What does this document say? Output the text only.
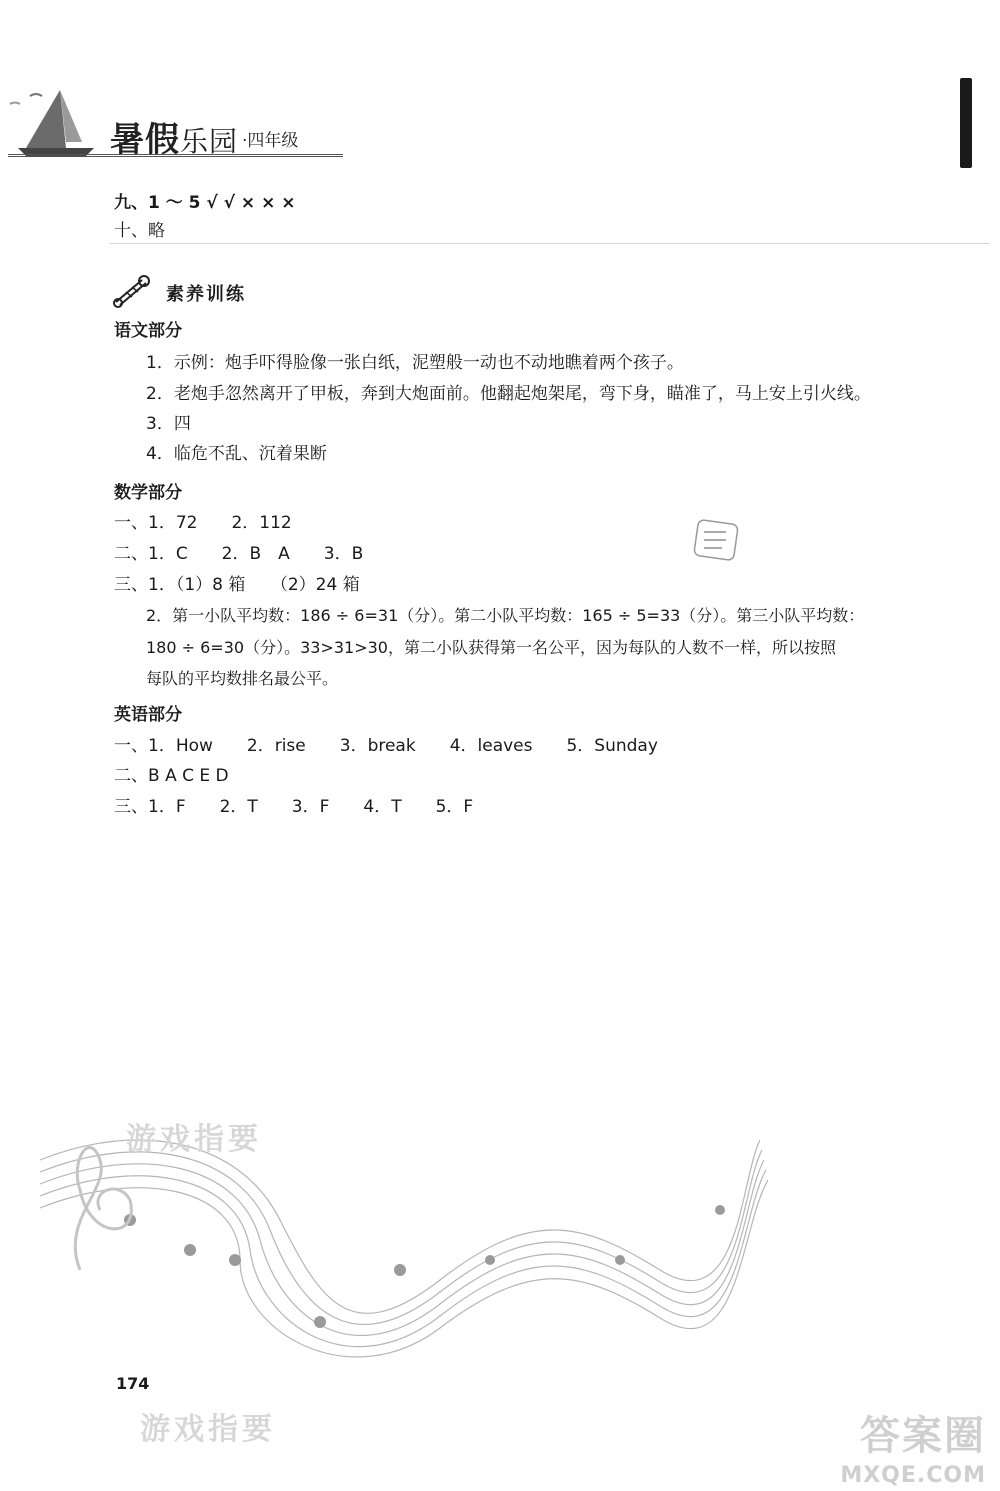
暑假乐园 ·四年级
九、1 ～ 5 √ √ × × ×
十、略
素养训练
语文部分
1．示例：炮手吓得脸像一张白纸，泥塑般一动也不动地瞧着两个孩子。
2．老炮手忽然离开了甲板，奔到大炮面前。他翻起炮架尾，弯下身，瞄准了，马上安上引火线。
3．四
4．临危不乱、沉着果断
数学部分
一、1．72　　2．112
二、1．C　　2．B　A　　3．B
三、1．（1）8 箱　　（2）24 箱
2．第一小队平均数：186 ÷ 6=31（分）。第二小队平均数：165 ÷ 5=33（分）。第三小队平均数：
180 ÷ 6=30（分）。33>31>30，第二小队获得第一名公平，因为每队的人数不一样，所以按照
每队的平均数排名最公平。
英语部分
一、1．How　　2．rise　　3．break　　4．leaves　　5．Sunday
二、B A C E D
三、1．F　　2．T　　3．F　　4．T　　5．F
游戏指要
游戏指要
174
答案圈
MXQE.COM
